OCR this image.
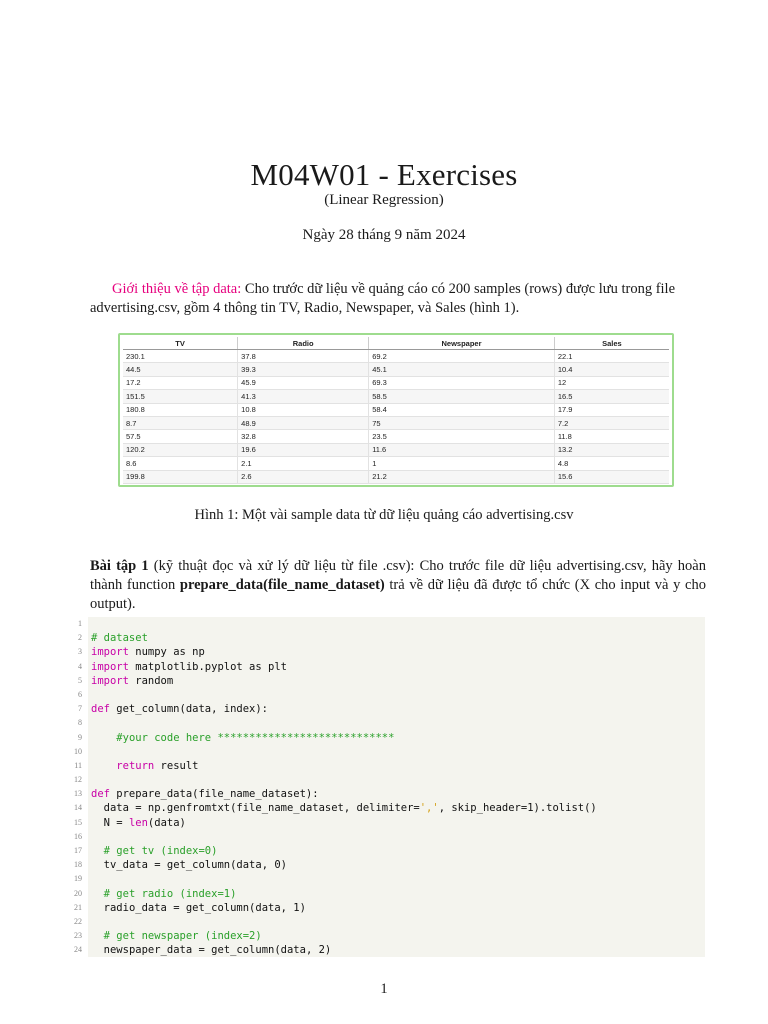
M04W01 - Exercises
(Linear Regression)
Ngày 28 tháng 9 năm 2024
Giới thiệu về tập data: Cho trước dữ liệu về quảng cáo có 200 samples (rows) được lưu trong file advertising.csv, gồm 4 thông tin TV, Radio, Newspaper, và Sales (hình 1).
TV	Radio	Newspaper	Sales
230.1	37.8	69.2	22.1
44.5	39.3	45.1	10.4
17.2	45.9	69.3	12
151.5	41.3	58.5	16.5
180.8	10.8	58.4	17.9
8.7	48.9	75	7.2
57.5	32.8	23.5	11.8
120.2	19.6	11.6	13.2
8.6	2.1	1	4.8
199.8	2.6	21.2	15.6
Hình 1: Một vài sample data từ dữ liệu quảng cáo advertising.csv
Bài tập 1 (kỹ thuật đọc và xử lý dữ liệu từ file .csv): Cho trước file dữ liệu advertising.csv, hãy hoàn thành function prepare_data(file_name_dataset) trả về dữ liệu đã được tổ chức (X cho input và y cho output).
1
2 # dataset
3 import numpy as np
4 import matplotlib.pyplot as plt
5 import random
6
7 def get_column(data, index):
8
9	#your code here ****************************
10
11	return result
12
13 def prepare_data(file_name_dataset):
14 data = np.genfromtxt(file_name_dataset, delimiter=',', skip_header=1).tolist()
15 N = len(data)
16
17 # get tv (index=0)
18 tv_data = get_column(data, 0)
19
20 # get radio (index=1)
21 radio_data = get_column(data, 1)
22
23 # get newspaper (index=2)
24 newspaper_data = get_column(data, 2)
1
